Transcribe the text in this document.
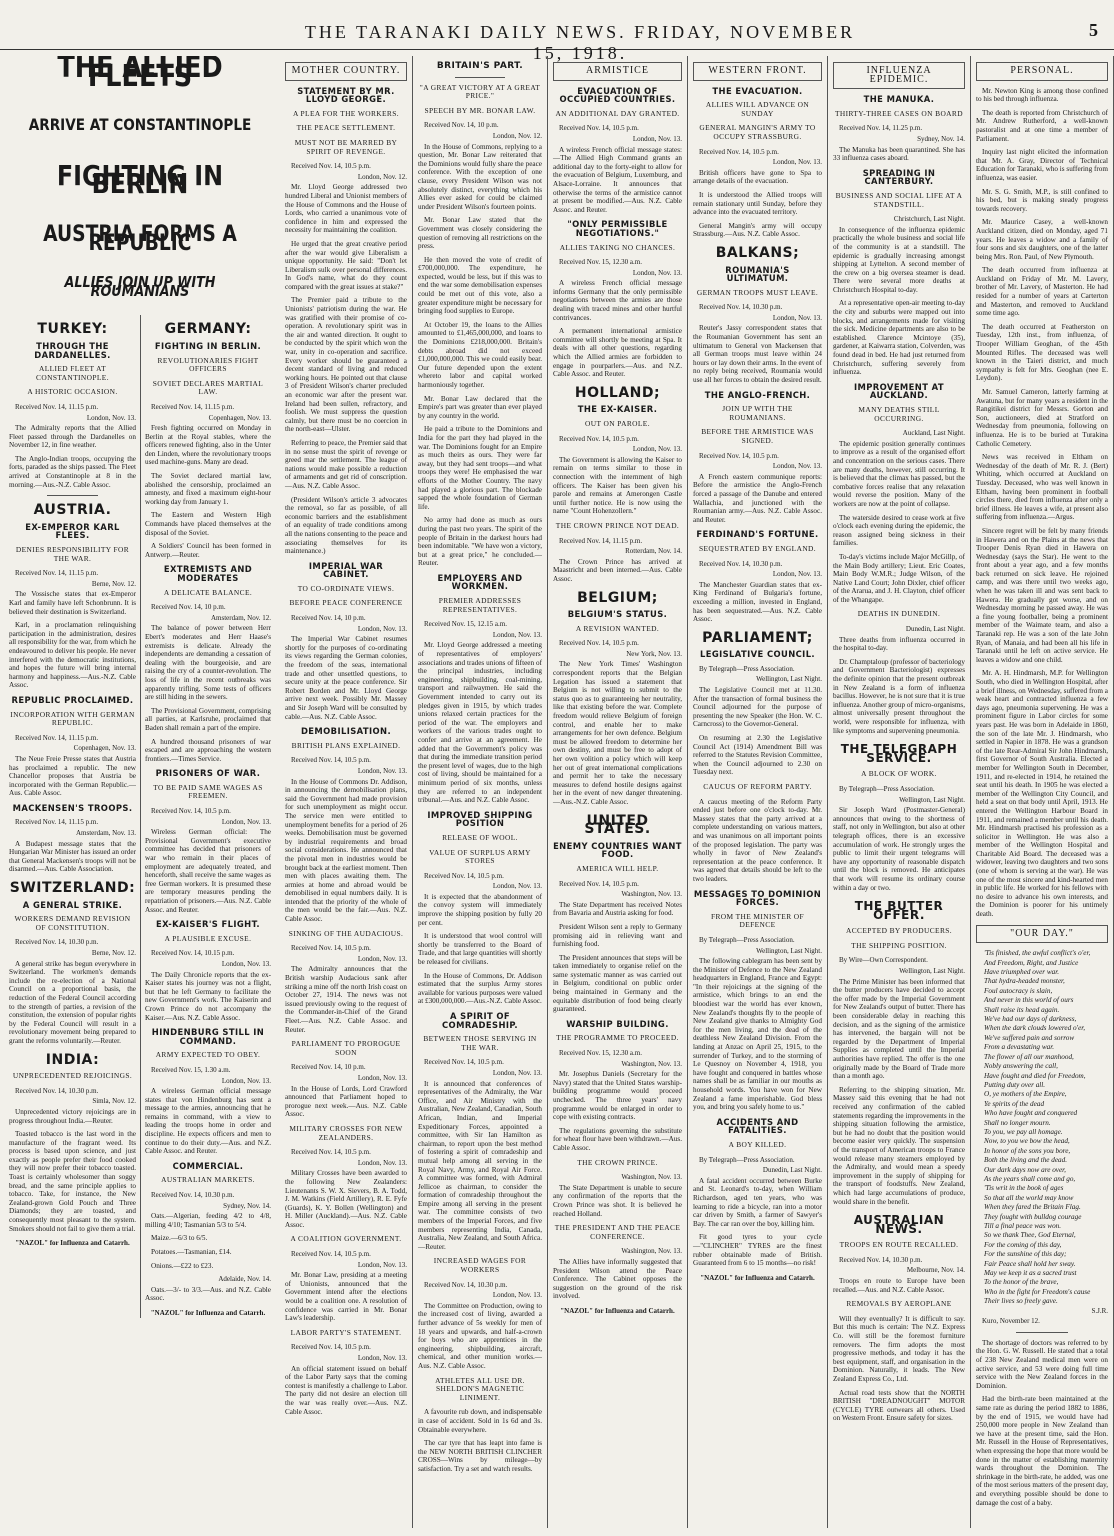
THE TARANAKI DAILY NEWS. FRIDAY, NOVEMBER 15, 1918.
5
THE ALLIED FLEETS
ARRIVE AT CONSTANTINOPLE
FIGHTING IN BERLIN
AUSTRIA FORMS A REPUBLIC
ALLIES JOIN UP WITH ROUMANIANS
TURKEY:
THROUGH THE DARDANELLES.
ALLIED FLEET AT CONSTANTINOPLE.
A HISTORIC OCCASION.
Received Nov. 14, 11.15 p.m.
London, Nov. 13.
The Admiralty reports that the Allied Fleet passed through the Dardanelles on November 12, in fine weather.
The Anglo-Indian troops, occupying the forts, paraded as the ships passed. The Fleet arrived at Constantinople at 8 in the morning.—Aus.-N.Z. Cable Assoc.
AUSTRIA.
EX-EMPEROR KARL FLEES.
DENIES RESPONSIBILITY FOR THE WAR.
Received Nov. 14, 11.15 p.m.
Berne, Nov. 12.
The Vossische states that ex-Emperor Karl and family have left Schonbrunn. It is believed their destination is Switzerland.
Karl, in a proclamation relinquishing participation in the administration, desires all responsibility for the war, from which he endeavoured to deliver his people. He never interfered with the democratic institutions, and hopes the future will bring internal harmony and happiness.—Aus.-N.Z. Cable Assoc.
REPUBLIC PROCLAIMED.
INCORPORATION WITH GERMAN REPUBLIC.
Received Nov. 14, 11.15 p.m.
Copenhagen, Nov. 13.
The Neue Freie Presse states that Austria has proclaimed a republic. The new Chancellor proposes that Austria be incorporated with the German Republic.—Aus. Cable Assoc.
MACKENSEN'S TROOPS.
Received Nov. 14, 11.15 p.m.
Amsterdam, Nov. 13.
A Budapest message states that the Hungarian War Minister has issued an order that General Mackensen's troops will not be disarmed.—Aus. Cable Association.
SWITZERLAND:
A GENERAL STRIKE.
WORKERS DEMAND REVISION OF CONSTITUTION.
Received Nov. 14, 10.30 p.m.
Berne, Nov. 12.
A general strike has begun everywhere in Switzerland. The workmen's demands include the re-election of a National Council on a proportional basis, the reduction of the Federal Council according to the strength of parties, a revision of the constitution, the extension of popular rights by the Federal Council will result in a revolutionary movement being prepared to grant the reforms voluntarily.—Reuter.
INDIA:
UNPRECEDENTED REJOICINGS.
Received Nov. 14, 10.30 p.m.
Simla, Nov. 12.
Unprecedented victory rejoicings are in progress throughout India.—Reuter.
Toasted tobacco is the last word in the manufacture of the fragrant weed. Its process is based upon science, and just exactly as people prefer their food cooked they will now prefer their tobacco toasted. Toast is certainly wholesomer than soggy bread, and the same principle applies to tobacco. Take, for instance, the New Zealand-grown Gold Pouch and Three Diamonds; they are toasted, and consequently most pleasant to the system. Smokers should not fail to give them a trial.
"NAZOL" for Influenza and Catarrh.
GERMANY:
FIGHTING IN BERLIN.
REVOLUTIONARIES FIGHT OFFICERS
SOVIET DECLARES MARTIAL LAW.
Received Nov. 14, 11.15 p.m.
Copenhagen, Nov. 13.
Fresh fighting occurred on Monday in Berlin at the Royal stables, where the officers renewed fighting, also in the Unter den Linden, where the revolutionary troops used machine-guns. Many are dead.
The Soviet declared martial law, abolished the censorship, proclaimed an amnesty, and fixed a maximum eight-hour working day from January 1.
The Eastern and Western High Commands have placed themselves at the disposal of the Soviet.
A Soldiers' Council has been formed in Antwerp.—Reuter.
EXTREMISTS AND MODERATES
A DELICATE BALANCE.
Received Nov. 14, 10 p.m.
Amsterdam, Nov. 12.
The balance of power between Herr Ebert's moderates and Herr Haase's extremists is delicate. Already the independents are demanding a cessation of dealing with the bourgeoisie, and are raising the cry of a counter-revolution. The loss of life in the recent outbreaks was apparently trifling. Some tests of officers are still hiding in the sewers.
The Provisional Government, comprising all parties, at Karlsruhe, proclaimed that Baden shall remain a part of the empire.
A hundred thousand prisoners of war escaped and are approaching the western frontiers.—Times Service.
PRISONERS OF WAR.
TO BE PAID SAME WAGES AS FREEMEN.
Received Nov. 14, 10.5 p.m.
London, Nov. 13.
Wireless German official: The Provisional Government's executive committee has decided that prisoners of war who remain in their places of employment are adequately treated, and henceforth, shall receive the same wages as free German workers. It is presumed these are temporary measures pending the repatriation of prisoners.—Aus. N.Z. Cable Assoc. and Reuter.
EX-KAISER'S FLIGHT.
A PLAUSIBLE EXCUSE.
Received Nov. 14, 10.15 p.m.
London, Nov. 13.
The Daily Chronicle reports that the ex-Kaiser states his journey was not a flight, but that he left Germany to facilitate the new Government's work. The Kaiserin and Crown Prince do not accompany the Kaiser.—Aus. N.Z. Cable Assoc.
HINDENBURG STILL IN COMMAND.
ARMY EXPECTED TO OBEY.
Received Nov. 15, 1.30 a.m.
London, Nov. 13.
A wireless German official message states that von Hindenburg has sent a message to the armies, announcing that he remains in command, with a view to leading the troops home in order and discipline. He expects officers and men to continue to do their duty.—Aus. and N.Z. Cable Assoc. and Reuter.
COMMERCIAL.
AUSTRALIAN MARKETS.
Received Nov. 14, 10.30 p.m.
Sydney, Nov. 14.
Oats.—Algerian, feeding 4/2 to 4/8, milling 4/10; Tasmanian 5/3 to 5/4.
Maize.—6/3 to 6/5.
Potatoes.—Tasmanian, £14.
Onions.—£22 to £23.
Adelaide, Nov. 14.
Oats.—3/- to 3/3.—Aus. and N.Z. Cable Assoc.
"NAZOL" for Influenza and Catarrh.
MOTHER COUNTRY.
STATEMENT BY MR. LLOYD GEORGE.
A PLEA FOR THE WORKERS.
THE PEACE SETTLEMENT.
MUST NOT BE MARRED BY SPIRIT OF REVENGE.
Received Nov. 14, 10.5 p.m.
London, Nov. 12.
Mr. Lloyd George addressed two hundred Liberal and Unionist members of the House of Commons and the House of Lords, who carried a unanimous vote of confidence in him and expressed the necessity for maintaining the coalition.
He urged that the great creative period after the war would give Liberalism a unique opportunity. He said: "Don't let Liberalism sulk over personal differences. In God's name, what do they count compared with the great issues at stake?"
The Premier paid a tribute to the Unionists' patriotism during the war. He was gratified with their promise of co-operation. A revolutionary spirit was in the air and wanted direction. It ought to be conducted by the spirit which won the war, unity in co-operation and sacrifice. Every worker should be guaranteed a decent standard of living and reduced working hours. He pointed out that clause 3 of President Wilson's charter precluded an economic war after the present war. Ireland had been sullen, refractory, and foolish. We must suppress the question calmly, but there must be no coercion in the north-east—Ulster.
Referring to peace, the Premier said that in no sense must the spirit of revenge or greed mar the settlement. The league of nations would make possible a reduction of armaments and get rid of conscription.—Aus. N.Z. Cable Assoc.
(President Wilson's article 3 advocates the removal, so far as possible, of all economic barriers and the establishment of an equality of trade conditions among all the nations consenting to the peace and associating themselves for its maintenance.)
IMPERIAL WAR CABINET.
TO CO-ORDINATE VIEWS.
BEFORE PEACE CONFERENCE
Received Nov. 14, 10 p.m.
London, Nov. 13.
The Imperial War Cabinet resumes shortly for the purposes of co-ordinating its views regarding the German colonies, the freedom of the seas, international trade and other unsettled questions, to secure unity at the peace conference. Sir Robert Borden and Mr. Lloyd George arrive next week. Possibly Mr. Massey and Sir Joseph Ward will be consulted by cable.—Aus. N.Z. Cable Assoc.
DEMOBILISATION.
BRITISH PLANS EXPLAINED.
Received Nov. 14, 10.5 p.m.
London, Nov. 13.
In the House of Commons Dr. Addison, in announcing the demobilisation plans, said the Government had made provision for such unemployment as might occur. The service men were entitled to unemployment benefits for a period of 26 weeks. Demobilisation must be governed by industrial requirements and broad social considerations. He announced that the pivotal men in industries would be brought back at the earliest moment. Then men with places awaiting them. The armies at home and abroad would be demobilised in equal numbers daily. It is intended that the priority of the whole of the men would be the fair.—Aus. N.Z. Cable Assoc.
SINKING OF THE AUDACIOUS.
Received Nov. 14, 10.5 p.m.
London, Nov. 13.
The Admiralty announces that the British warship Audacious sank after striking a mine off the north Irish coast on October 27, 1914. The news was not issued previously owing to the request of the Commander-in-Chief of the Grand Fleet.—Aus. N.Z. Cable Assoc. and Reuter.
PARLIAMENT TO PROROGUE SOON
Received Nov. 14, 10 p.m.
London, Nov. 13.
In the House of Lords, Lord Crawford announced that Parliament hoped to prorogue next week.—Aus. N.Z. Cable Assoc.
MILITARY CROSSES FOR NEW ZEALANDERS.
Received Nov. 14, 10.5 p.m.
London, Nov. 13.
Military Crosses have been awarded to the following New Zealanders: Lieutenants S. W. X. Sievers, B. A. Todd, J. M. Watkins (Field Artillery), R. E. Fyfe (Guards), K. Y. Bollen (Wellington) and H. Miller (Auckland).—Aus. N.Z. Cable Assoc.
A COALITION GOVERNMENT.
Received Nov. 14, 10.5 p.m.
London, Nov. 13.
Mr. Bonar Law, presiding at a meeting of Unionists, announced that the Government intend after the elections would be a coalition one. A resolution of confidence was carried in Mr. Bonar Law's leadership.
LABOR PARTY'S STATEMENT.
Received Nov. 14, 10.5 p.m.
London, Nov. 13.
An official statement issued on behalf of the Labor Party says that the coming contest is manifestly a challenge to Labor. The party did not desire an election till the war was really over.—Aus. N.Z. Cable Assoc.
BRITAIN'S PART.
"A GREAT VICTORY AT A GREAT PRICE."
SPEECH BY MR. BONAR LAW.
Received Nov. 14, 10 p.m.
London, Nov. 12.
In the House of Commons, replying to a question, Mr. Bonar Law reiterated that the Dominions would fully share the peace conference. With the exception of one clause, every President Wilson was not absolutely distinct, everything which his Allies ever asked for could be claimed under President Wilson's fourteen points.
Mr. Bonar Law stated that the Government was closely considering the question of removing all restrictions on the press.
He then moved the vote of credit of £700,000,000. The expenditure, he expected, would be less, but if this was to end the war some demobilisation expenses could be met out of this vote, also a greater expenditure might be necessary for bringing food supplies to Europe.
At October 19, the loans to the Allies amounted to £1,465,000,000, and loans to the Dominions £218,000,000. Britain's debts abroad did not exceed £1,000,000,000. This we could easily bear. Our future depended upon the extent whereto labor and capital worked harmoniously together.
Mr. Bonar Law declared that the Empire's part was greater than ever played by any country in the world.
He paid a tribute to the Dominions and India for the part they had played in the war. The Dominions fought for an Empire as much theirs as ours. They were far away, but they had sent troops—and what troops they were! He emphasised the war efforts of the Mother Country. The navy had played a glorious part. The blockade sapped the whole foundation of German life.
No army had done as much as ours during the past two years. The spirit of the people of Britain in the darkest hours had been indomitable. "We have won a victory, but at a great price," he concluded.—Reuter.
EMPLOYERS AND WORKMEN.
PREMIER ADDRESSES REPRESENTATIVES.
Received Nov. 15, 12.15 a.m.
London, Nov. 13.
Mr. Lloyd George addressed a meeting of representatives of employers' associations and trades unions of fifteen of the principal industries, including engineering, shipbuilding, coal-mining, transport and railwaymen. He said the Government intended to carry out its pledges given in 1915, by which trades unions relaxed certain practices for the period of the war. The employers and workers of the various trades ought to confer and arrive at an agreement. He added that the Government's policy was that during the immediate transition period the present level of wages, due to the high cost of living, should be maintained for a minimum period of six months, unless they are referred to an independent tribunal.—Aus. and N.Z. Cable Assoc.
IMPROVED SHIPPING POSITION
RELEASE OF WOOL.
VALUE OF SURPLUS ARMY STORES
Received Nov. 14, 10.5 p.m.
London, Nov. 13.
It is expected that the abandonment of the convoy system will immediately improve the shipping position by fully 20 per cent.
It is understood that wool control will shortly be transferred to the Board of Trade, and that large quantities will shortly be released for civilians.
In the House of Commons, Dr. Addison estimated that the surplus Army stores available for various purposes were valued at £300,000,000.—Aus.-N.Z. Cable Assoc.
A SPIRIT OF COMRADESHIP.
BETWEEN THOSE SERVING IN THE WAR.
Received Nov. 14, 10.5 p.m.
London, Nov. 13.
It is announced that conferences of representatives of the Admiralty, the War Office, and Air Ministry with the Australian, New Zealand, Canadian, South African, Indian, and Imperial Expeditionary Forces, appointed a committee, with Sir Ian Hamilton as chairman, to report upon the best method of fostering a spirit of comradeship and mutual help among all serving in the Royal Navy, Army, and Royal Air Force. A committee was formed, with Admiral Jellicoe as chairman, to consider the formation of comradeship throughout the Empire among all serving in the present war. The committee consists of two members of the Imperial Forces, and five members representing India, Canada, Australia, New Zealand, and South Africa.—Reuter.
INCREASED WAGES FOR WORKERS
Received Nov. 14, 10.30 p.m.
London, Nov. 13.
The Committee on Production, owing to the increased cost of living, awarded a further advance of 5s weekly for men of 18 years and upwards, and half-a-crown for boys who are apprentices in the engineering, shipbuilding, aircraft, chemical, and other munition works.—Aus. N.Z. Cable Assoc.
ATHLETES ALL USE DR. SHELDON'S MAGNETIC LINIMENT.
A favourite rub down, and indispensable in case of accident. Sold in 1s 6d and 3s. Obtainable everywhere.
The car tyre that has leapt into fame is the NEW NORTH BRITISH CLINCHER CROSS—Wins by mileage—by satisfaction. Try a set and watch results.
ARMISTICE
EVACUATION OF OCCUPIED COUNTRIES.
AN ADDITIONAL DAY GRANTED.
Received Nov. 14, 10.5 p.m.
London, Nov. 13.
A wireless French official message states:—The Allied High Command grants an additional day to the forty-eight to allow for the evacuation of Belgium, Luxemburg, and Alsace-Lorraine. It announces that otherwise the terms of the armistice cannot at present be modified.—Aus. N.Z. Cable Assoc. and Reuter.
"ONLY PERMISSIBLE NEGOTIATIONS."
ALLIES TAKING NO CHANCES.
Received Nov. 15, 12.30 a.m.
London, Nov. 13.
A wireless French official message informs Germany that the only permissible negotiations between the armies are those dealing with traced mines and other hurtful contrivances.
A permanent international armistice committee will shortly be meeting at Spa. It deals with all other questions, regarding which the Allied armies are forbidden to engage in pourparlers.—Aus. and N.Z. Cable Assoc. and Reuter.
HOLLAND;
THE EX-KAISER.
OUT ON PAROLE.
Received Nov. 14, 10.5 p.m.
London, Nov. 13.
The Government is allowing the Kaiser to remain on terms similar to those in connection with the internment of high officers. The Kaiser has been given his parole and remains at Amerongen Castle until further notice. He is now using the name "Count Hohenzollern."
THE CROWN PRINCE NOT DEAD.
Received Nov. 14, 11.15 p.m.
Rotterdam, Nov. 14.
The Crown Prince has arrived at Maastricht and been interned.—Aus. Cable Assoc.
BELGIUM;
BELGIUM'S STATUS.
A REVISION WANTED.
Received Nov. 14, 10.5 p.m.
New York, Nov. 13.
The New York Times' Washington correspondent reports that the Belgian Legation has issued a statement that Belgium is not willing to submit to the status quo as to guaranteeing her neutrality, like that existing before the war. Complete freedom would relieve Belgium of foreign control, and enable her to make arrangements for her own defence. Belgium must be allowed freedom to determine her own destiny, and must be free to adopt of her own volition a policy which will keep her out of great international complications and permit her to take the necessary measures to defend hostile designs against her in the event of new danger threatening.—Aus.-N.Z. Cable Assoc.
UNITED STATES.
ENEMY COUNTRIES WANT FOOD.
AMERICA WILL HELP.
Received Nov. 14, 10.5 p.m.
Washington, Nov. 13.
The State Department has received Notes from Bavaria and Austria asking for food.
President Wilson sent a reply to Germany promising aid in relieving want and furnishing food.
The President announces that steps will be taken immediately to organise relief on the same systematic manner as was carried out in Belgium, conditional on public order being maintained in Germany and the equitable distribution of food being clearly guaranteed.
WARSHIP BUILDING.
THE PROGRAMME TO PROCEED.
Received Nov. 15, 12.30 a.m.
Washington, Nov. 13.
Mr. Josephus Daniels (Secretary for the Navy) stated that the United States warship-building programme would proceed unchecked. The three years' navy programme would be enlarged in order to cope with existing contracts.
The regulations governing the substitute for wheat flour have been withdrawn.—Aus. Cable Assoc.
THE CROWN PRINCE.
Washington, Nov. 13.
The State Department is unable to secure any confirmation of the reports that the Crown Prince was shot. It is believed he reached Holland.
THE PRESIDENT AND THE PEACE CONFERENCE.
Washington, Nov. 13.
The Allies have informally suggested that President Wilson attend the Peace Conference. The Cabinet opposes the suggestion on the ground of the risk involved.
"NAZOL" for Influenza and Catarrh.
WESTERN FRONT.
THE EVACUATION.
ALLIES WILL ADVANCE ON SUNDAY
GENERAL MANGIN'S ARMY TO OCCUPY STRASSBURG.
Received Nov. 14, 10.5 p.m.
London, Nov. 13.
British officers have gone to Spa to arrange details of the evacuation.
It is understood the Allied troops will remain stationary until Sunday, before they advance into the evacuated territory.
General Mangin's army will occupy Strassburg.—Aus. N.Z. Cable Assoc.
BALKANS;
ROUMANIA'S ULTIMATUM.
GERMAN TROOPS MUST LEAVE.
Received Nov. 14, 10.30 p.m.
London, Nov. 13.
Reuter's Jassy correspondent states that the Roumanian Government has sent an ultimatum to General von Mackensen that all German troops must leave within 24 hours or lay down their arms. In the event of no reply being received, Roumania would use all her forces to obtain the desired result.
THE ANGLO-FRENCH.
JOIN UP WITH THE ROUMANIANS.
BEFORE THE ARMISTICE WAS SIGNED.
Received Nov. 14, 10.5 p.m.
London, Nov. 13.
A French eastern communique reports: Before the armistice the Anglo-French forced a passage of the Danube and entered Wallachia, and junctioned with the Roumanian army.—Aus. N.Z. Cable Assoc. and Reuter.
FERDINAND'S FORTUNE.
SEQUESTRATED BY ENGLAND.
Received Nov. 14, 10.30 p.m.
London, Nov. 13.
The Manchester Guardian states that ex-King Ferdinand of Bulgaria's fortune, exceeding a million, invested in England, has been sequestrated.—Aus. N.Z. Cable Assoc.
PARLIAMENT;
LEGISLATIVE COUNCIL.
By Telegraph—Press Association.
Wellington, Last Night.
The Legislative Council met at 11.30. After the transaction of formal business the Council adjourned for the purpose of presenting the new Speaker (the Hon. W. C. Carncross) to the Governor-General.
On resuming at 2.30 the Legislative Council Act (1914) Amendment Bill was referred to the Statutes Revision Committee, when the Council adjourned to 2.30 on Tuesday next.
CAUCUS OF REFORM PARTY.
A caucus meeting of the Reform Party ended just before one o'clock to-day. Mr. Massey states that the party arrived at a complete understanding on various matters, and was unanimous on all important points of the proposed legislation. The party was wholly in favor of New Zealand's representation at the peace conference. It was agreed that details should be left to the two leaders.
MESSAGES TO DOMINION FORCES.
FROM THE MINISTER OF DEFENCE
By Telegraph—Press Association.
Wellington, Last Night.
The following cablegram has been sent by the Minister of Defence to the New Zealand headquarters in England, France and Egypt: "In their rejoicings at the signing of the armistice, which brings to an end the bloodiest war the world has ever known, New Zealand's thoughts fly to the people of New Zealand give thanks to Almighty God for the men living, and the dead of the deathless New Zealand Division. From the landing at Anzac on April 25, 1915, to the surrender of Turkey, and to the storming of Le Quesnoy on November 4, 1918, you have fought and conquered in battles whose names shall be as familiar in our mouths as household words. You have won for New Zealand a fame imperishable. God bless you, and bring you safely home to us."
ACCIDENTS AND FATALITIES.
A BOY KILLED.
By Telegraph—Press Association.
Dunedin, Last Night.
A fatal accident occurred between Burke and St. Leonard's to-day, when William Richardson, aged ten years, who was learning to ride a bicycle, ran into a motor car driven by Smith, a farmer of Sawyer's Bay. The car ran over the boy, killing him.
Fit good tyres to your cycle—"CLINCHER" TYRES are the finest rubber obtainable made of British. Guaranteed from 6 to 15 months—no risk!
"NAZOL" for Influenza and Catarrh.
INFLUENZA EPIDEMIC.
THE MANUKA.
THIRTY-THREE CASES ON BOARD
Received Nov. 14, 11.25 p.m.
Sydney, Nov. 14.
The Manuka has been quarantined. She has 33 influenza cases aboard.
SPREADING IN CANTERBURY.
BUSINESS AND SOCIAL LIFE AT A STANDSTILL.
Christchurch, Last Night.
In consequence of the influenza epidemic practically the whole business and social life of the community is at a standstill. The epidemic is gradually increasing amongst shipping at Lyttelton. A second member of the crew on a big oversea steamer is dead. There were several more deaths at Christchurch Hospital to-day.
At a representative open-air meeting to-day the city and suburbs were mapped out into blocks, and arrangements made for visiting the sick. Medicine departments are also to be established. Clarence Mcintoye (35), gardener, at Kaiwarra station, Colverden, was found dead in bed. He had just returned from Christchurch, suffering severely from influenza.
IMPROVEMENT AT AUCKLAND.
MANY DEATHS STILL OCCURRING.
Auckland, Last Night.
The epidemic position generally continues to improve as a result of the organised effort and concentration on the serious cases. There are many deaths, however, still occurring. It is believed that the climax has passed, but the combative forces realise that any relaxation would reverse the position. Many of the workers are now at the point of collapse.
The waterside desired to cease work at five o'clock each evening during the epidemic, the reason assigned being sickness in their families.
To-day's victims include Major McGillp, of the Main Body artillery; Lieut. Eric Coates, Main Body W.M.R.; Judge Wilson, of the Native Land Court; John Dixler, chief officer of the Ararua, and J. H. Clayton, chief officer of the Whangape.
DEATHS IN DUNEDIN.
Dunedin, Last Night.
Three deaths from influenza occurred in the hospital to-day.
Dr. Champtaloup (professor of bacteriology and Government Bacteriologist) expresses the definite opinion that the present outbreak in New Zealand is a form of influenza bacillus. However, he is not sure that it is true influenza. Another group of micro-organisms, almost universally present throughout the world, were responsible for influenza, with like symptoms and supervening pneumonia.
THE TELEGRAPH SERVICE.
A BLOCK OF WORK.
By Telegraph—Press Association.
Wellington, Last Night.
Sir Joseph Ward (Postmaster-General) announces that owing to the shortness of staff, not only in Wellington, but also at other telegraph offices, there is an excessive accumulation of work. He strongly urges the public to limit their urgent telegrams will have any opportunity of reasonable dispatch until the block is removed. He anticipates that work will resume its ordinary course within a day or two.
THE BUTTER OFFER.
ACCEPTED BY PRODUCERS.
THE SHIPPING POSITION.
By Wire—Own Correspondent.
Wellington, Last Night.
The Prime Minister has been informed that the butter producers have decided to accept the offer made by the Imperial Government for New Zealand's output of butter. There has been considerable delay in reaching this decision, and as the signing of the armistice has intervened, the bargain will not be regarded by the Department of Imperial Supplies as completed until the Imperial authorities have replied. The offer is the one originally made by the Board of Trade more than a month ago.
Referring to the shipping situation, Mr. Massey said this evening that he had not received any confirmation of the cabled statements regarding the improvements in the shipping situation following the armistice, but he had no doubt that the position would become easier very quickly. The suspension of the transport of American troops to France would release many steamers employed by the Admiralty, and would mean a speedy improvement in the supply of shipping for the transport of foodstuffs. New Zealand, which had large accumulations of produce, would share in the benefit.
AUSTRALIAN NEWS.
TROOPS EN ROUTE RECALLED.
Received Nov. 14, 10.30 p.m.
Melbourne, Nov. 14.
Troops en route to Europe have been recalled.—Aus. and N.Z. Cable Assoc.
REMOVALS BY AEROPLANE
Will they eventually? It is difficult to say. But this much is certain: The N.Z. Express Co. will still be the foremost furniture removers. The firm adopts the most progressive methods, and today it has the best equipment, staff, and organisation in the Dominion. Naturally, it leads. The New Zealand Express Co., Ltd.
Actual road tests show that the NORTH BRITISH "DREADNOUGHT" MOTOR (CYCLE) TYRE outwears all others. Used on Western Front. Ensure safety for sizes.
PERSONAL.
Mr. Newton King is among those confined to his bed through influenza.
The death is reported from Christchurch of Mr. Andrew Rutherford, a well-known pastoralist and at one time a member of Parliament.
Inquiry last night elicited the information that Mr. A. Gray, Director of Technical Education for Taranaki, who is suffering from influenza, was easier.
Mr. S. G. Smith, M.P., is still confined to his bed, but is making steady progress towards recovery.
Mr. Maurice Casey, a well-known Auckland citizen, died on Monday, aged 71 years. He leaves a widow and a family of four sons and six daughters, one of the latter being Mrs. Ron. Paul, of New Plymouth.
The death occurred from influenza at Auckland on Friday of Mr. M. Lavery, brother of Mr. Lavery, of Masterton. He had resided for a number of years at Carterton and Masterton, and removed to Auckland some time ago.
The death occurred at Featherston on Tuesday, 12th inst., from influenza, of Trooper William Geoghan, of the 45th Mounted Rifles. The deceased was well known in the Taieri district, and much sympathy is felt for Mrs. Geoghan (nee E. Leydon).
Mr. Samuel Cameron, latterly farming at Awatuna, but for many years a resident in the Rangitikei district for Messrs. Gorton and Son, auctioneers, died at Stratford on Wednesday from pneumonia, following on influenza. He is to be buried at Turakina Catholic Cemetery.
News was received in Eltham on Wednesday of the death of Mr. R. J. (Bert) Whiting, which occurred at Auckland on Tuesday. Deceased, who was well known in Eltham, having been prominent in football circles there, died from influenza after only a brief illness. He leaves a wife, at present also suffering from influenza.—Argus.
Sincere regret will be felt by many friends in Hawera and on the Plains at the news that Trooper Denis Ryan died in Hawera on Wednesday (says the Star). He went to the front about a year ago, and a few months back returned on sick leave. He rejoined camp, and was there until two weeks ago, when he was taken ill and was sent back to Hawera. He gradually got worse, and on Wednesday morning he passed away. He was a fine young footballer, being a prominent member of the Waimate team, and also a Taranaki rep. He was a son of the late John Ryan, of Manaia, and had been all his life in Taranaki until he left on active service. He leaves a widow and one child.
Mr. A. H. Hindmarsh, M.P. for Wellington South, who died in Wellington Hospital, after a brief illness, on Wednesday, suffered from a weak heart and contracted influenza a few days ago, pneumonia supervening. He was a prominent figure in Labor circles for some years past. He was born in Adelaide in 1860, the son of the late Mr. J. Hindmarsh, who settled in Napier in 1878. He was a grandson of the late Rear-Admiral Sir John Hindmarsh, first Governor of South Australia. Elected a member for Wellington South in December, 1911, and re-elected in 1914, he retained the seat until his death. In 1905 he was elected a member of the Wellington City Council, and held a seat on that body until April, 1913. He entered the Wellington Harbour Board in 1911, and remained a member until his death. Mr. Hindmarsh practised his profession as a solicitor in Wellington. He was also a member of the Wellington Hospital and Charitable Aid Board. The deceased was a widower, leaving two daughters and two sons (one of whom is serving at the war). He was one of the most sincere and kind-hearted men in public life. He worked for his fellows with no desire to advance his own interests, and the Dominion is poorer for his untimely death.
"OUR DAY."
'Tis finished, the awful conflict's o'er,
And Freedom, Right, and Justice
Have triumphed over war.
That hydra-headed monster,
Foul autocracy is slain,
And never in this world of ours
Shall raise its head again.
We've had our days of darkness,
When the dark clouds lowered o'er,
We've suffered pain and sorrow
From a devastating war.
The flower of all our manhood,
Nobly answering the call,
Have fought and died for Freedom,
Putting duty over all.
O, ye mothers of the Empire,
Ye spirits of the dead
Who have fought and conquered
Shall no longer mourn.
To you, we pay all homage.
Now, to you we bow the head,
In honor of the sons you bore,
Both the living and the dead.
Our dark days now are over,
As the years shall come and go,
'Tis writ in the book of ages
So that all the world may know
When they fared the Britain Flag.
They fought with bulldog courage
Till a final peace was won.
So we thank Thee, God Eternal,
For the coming of this day,
For the sunshine of this day;
Fair Peace shall hold her sway.
May we keep it as a sacred trust
To the honor of the brave,
Who in the fight for Freedom's cause
Their lives so freely gave.
S.J.R.
Kuro, November 12.
The shortage of doctors was referred to by the Hon. G. W. Russell. He stated that a total of 238 New Zealand medical men were on active service, and 53 were doing full time service with the New Zealand forces in the Dominion.
Had the birth-rate been maintained at the same rate as during the period 1882 to 1886, by the end of 1915, we would have had 250,000 more people in New Zealand than we have at the present time, said the Hon. Mr. Russell in the House of Representatives, when expressing the hope that more would be done in the matter of establishing maternity wards throughout the Dominion. The shrinkage in the birth-rate, he added, was one of the most serious matters of the present day, and everything possible should be done to damage the cost of a baby.
